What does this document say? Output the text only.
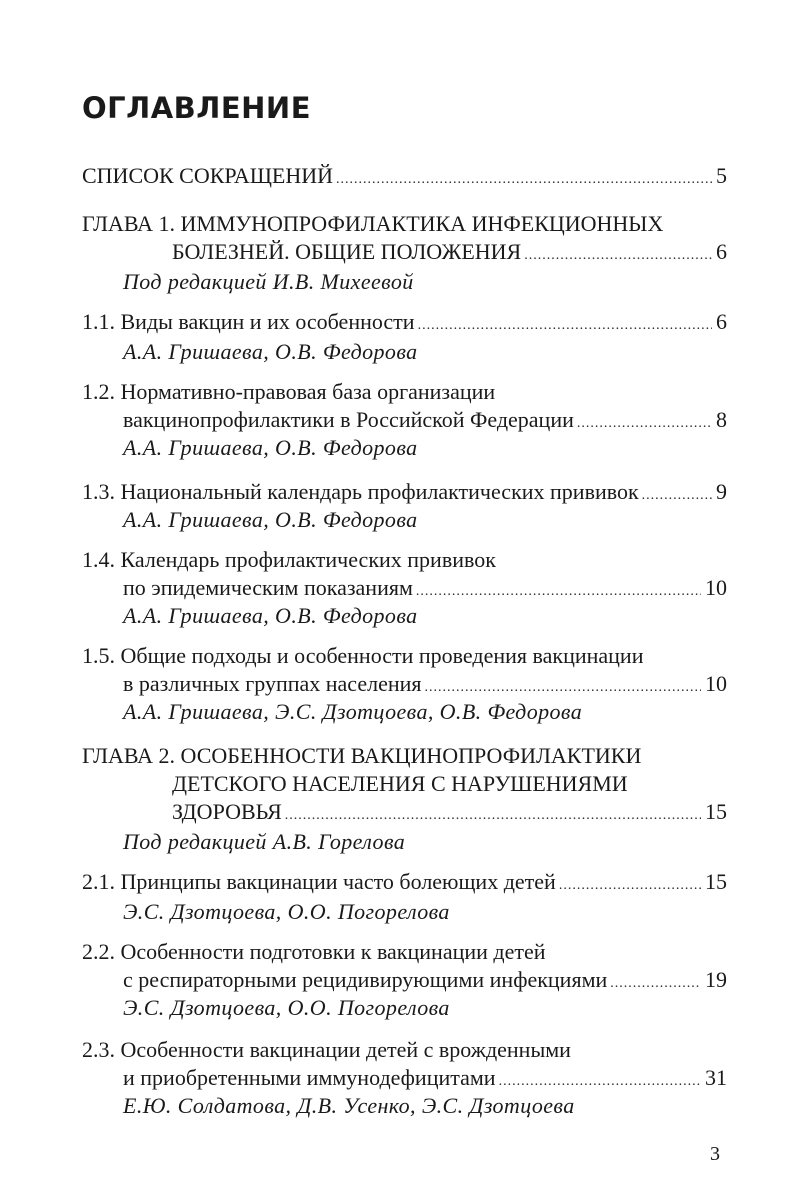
ОГЛАВЛЕНИЕ
СПИСОК СОКРАЩЕНИЙ .....	5
ГЛАВА 1. ИММУНОПРОФИЛАКТИКА ИНФЕКЦИОННЫХ
БОЛЕЗНЕЙ. ОБЩИЕ ПОЛОЖЕНИЯ .....	6
Под редакцией И.В. Михеевой
1.1. Виды вакцин и их особенности .....	6
А.А. Гришаева, О.В. Федорова
1.2. Нормативно-правовая база организации
вакцинопрофилактики в Российской Федерации .....	8
А.А. Гришаева, О.В. Федорова
1.3. Национальный календарь профилактических прививок .....	9
А.А. Гришаева, О.В. Федорова
1.4. Календарь профилактических прививок
по эпидемическим показаниям .....	10
А.А. Гришаева, О.В. Федорова
1.5. Общие подходы и особенности проведения вакцинации
в различных группах населения .....	10
А.А. Гришаева, Э.С. Дзотцоева, О.В. Федорова
ГЛАВА 2. ОСОБЕННОСТИ ВАКЦИНОПРОФИЛАКТИКИ
ДЕТСКОГО НАСЕЛЕНИЯ С НАРУШЕНИЯМИ
ЗДОРОВЬЯ .....	15
Под редакцией А.В. Горелова
2.1. Принципы вакцинации часто болеющих детей .....	15
Э.С. Дзотцоева, О.О. Погорелова
2.2. Особенности подготовки к вакцинации детей
с респираторными рецидивирующими инфекциями .....	19
Э.С. Дзотцоева, О.О. Погорелова
2.3. Особенности вакцинации детей с врожденными
и приобретенными иммунодефицитами .....	31
Е.Ю. Солдатова, Д.В. Усенко, Э.С. Дзотцоева
3
